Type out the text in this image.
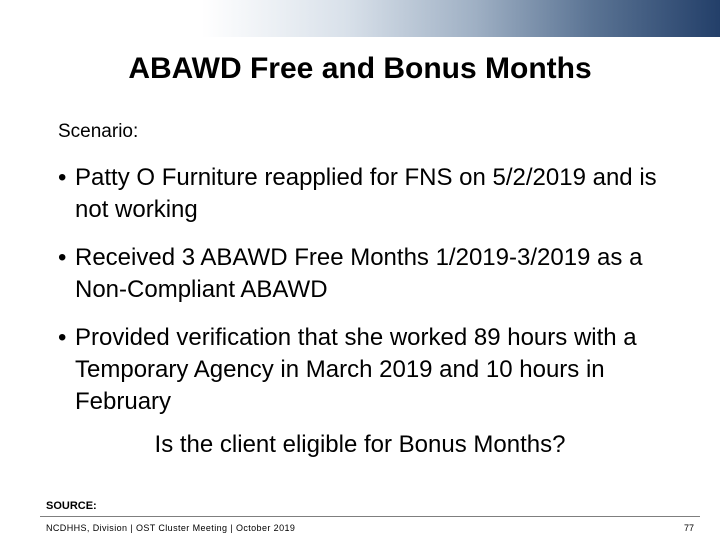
ABAWD Free and Bonus Months
Scenario:
• Patty O Furniture reapplied for FNS on 5/2/2019 and is not working
• Received 3 ABAWD Free Months 1/2019-3/2019 as a Non-Compliant ABAWD
• Provided verification that she worked 89 hours with a Temporary Agency in March 2019 and 10 hours in February
Is the client eligible for Bonus Months?
SOURCE:
NCDHHS, Division | OST Cluster Meeting | October 2019	77
